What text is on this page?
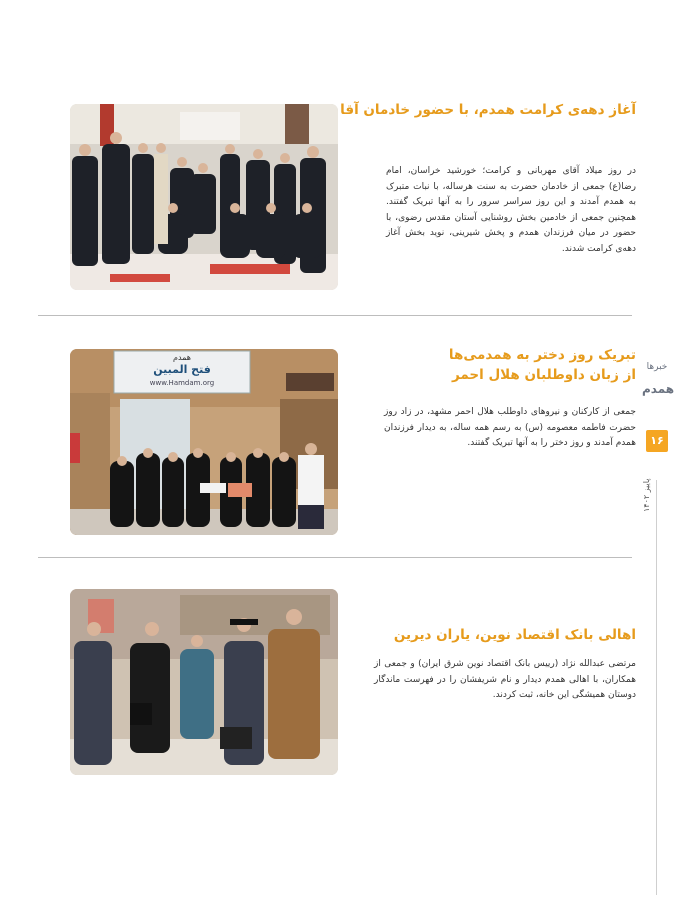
آغاز دهه‌ی کرامت همدم، با حضور خادمان آقا
در روز میلاد آقای مهربانی و کرامت؛ خورشید خراسان، امام رضا(ع) جمعی از خادمان حضرت به سنت هرساله، با نبات متبرک به همدم آمدند و این روز سراسر سرور را به آنها تبریک گفتند. همچنین جمعی از خادمین بخش روشنایی آستان مقدس رضوی، با حضور در میان فرزندان همدم و پخش شیرینی، نوید بخش آغاز دهه‌ی کرامت شدند.
همدم
فتح المبین
www.Hamdam.org
تبریک روز دختر به همدمی‌ها
از زبان داوطلبان هلال احمر
جمعی از کارکنان و نیروهای داوطلب هلال احمر مشهد، در زاد روز حضرت فاطمه معصومه (س) به رسم همه ساله، به دیدار فرزندان همدم آمدند و روز دختر را به آنها تبریک گفتند.
اهالی بانک اقتصاد نوین، یاران دیرین
مرتضی عبدالله نژاد (رییس بانک اقتصاد نوین شرق ایران) و جمعی از همکاران، با اهالی همدم دیدار و نام شریفشان را در فهرست ماندگار دوستان همیشگی این خانه، ثبت کردند.
خبرها
همدم
۱۶
پاییز ۱۴۰۲
